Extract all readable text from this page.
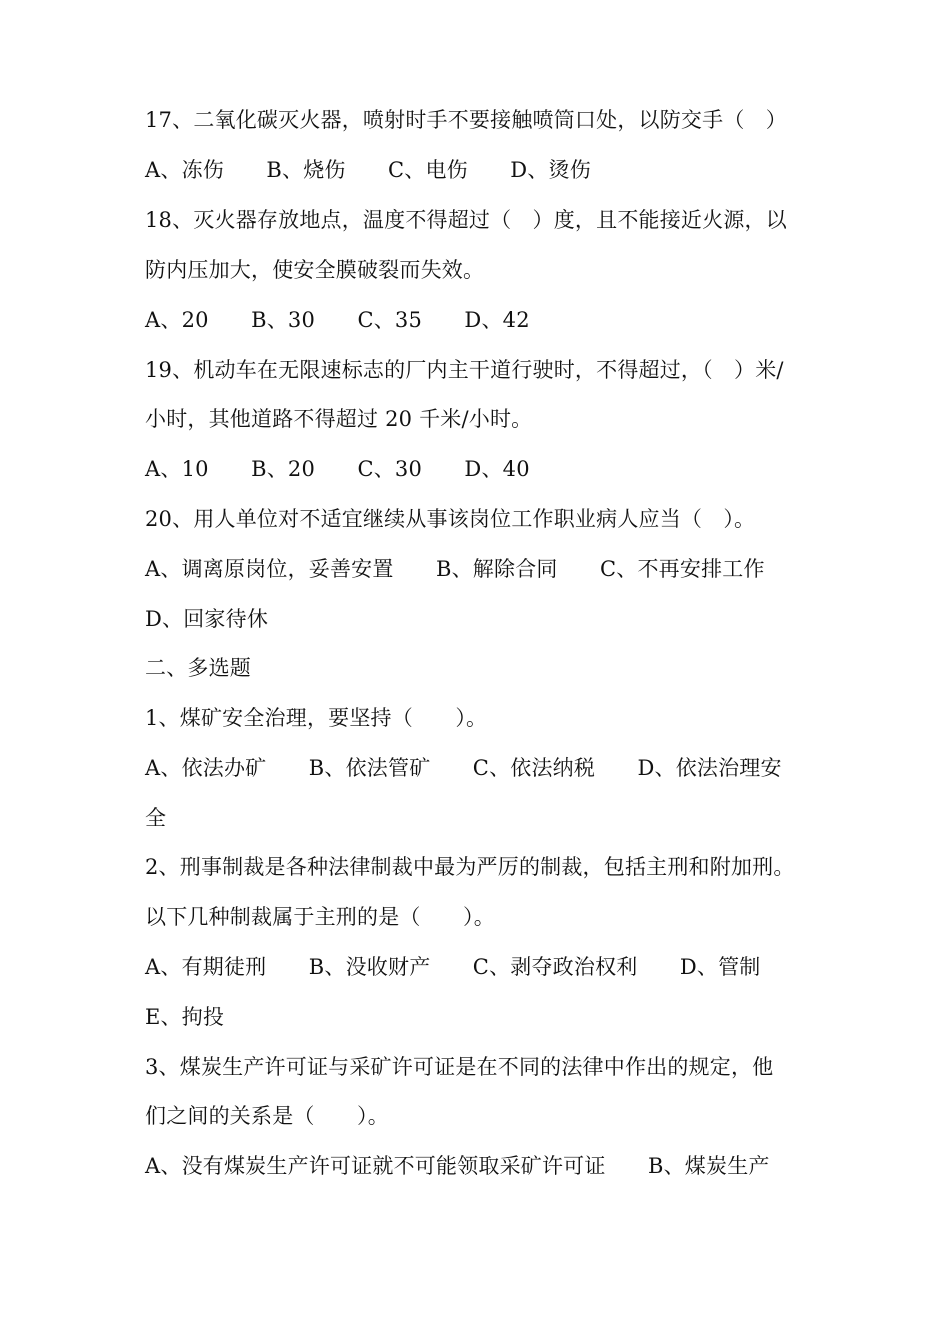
17、二氧化碳灭火器，喷射时手不要接触喷筒口处，以防交手（　）
A、冻伤　　B、烧伤　　C、电伤　　D、烫伤
18、灭火器存放地点，温度不得超过（　）度，且不能接近火源，以
防内压加大，使安全膜破裂而失效。
A、20　　B、30　　C、35　　D、42
19、机动车在无限速标志的厂内主干道行驶时，不得超过，（　）米/
小时，其他道路不得超过 20 千米/小时。
A、10　　B、20　　C、30　　D、40
20、用人单位对不适宜继续从事该岗位工作职业病人应当（　）。
A、调离原岗位，妥善安置　　B、解除合同　　C、不再安排工作
D、回家待休
二、多选题
1、煤矿安全治理，要坚持（　　）。
A、依法办矿　　B、依法管矿　　C、依法纳税　　D、依法治理安
全
2、刑事制裁是各种法律制裁中最为严厉的制裁，包括主刑和附加刑。
以下几种制裁属于主刑的是（　　）。
A、有期徒刑　　B、没收财产　　C、剥夺政治权利　　D、管制
E、拘投
3、煤炭生产许可证与采矿许可证是在不同的法律中作出的规定，他
们之间的关系是（　　）。
A、没有煤炭生产许可证就不可能领取采矿许可证　　B、煤炭生产
